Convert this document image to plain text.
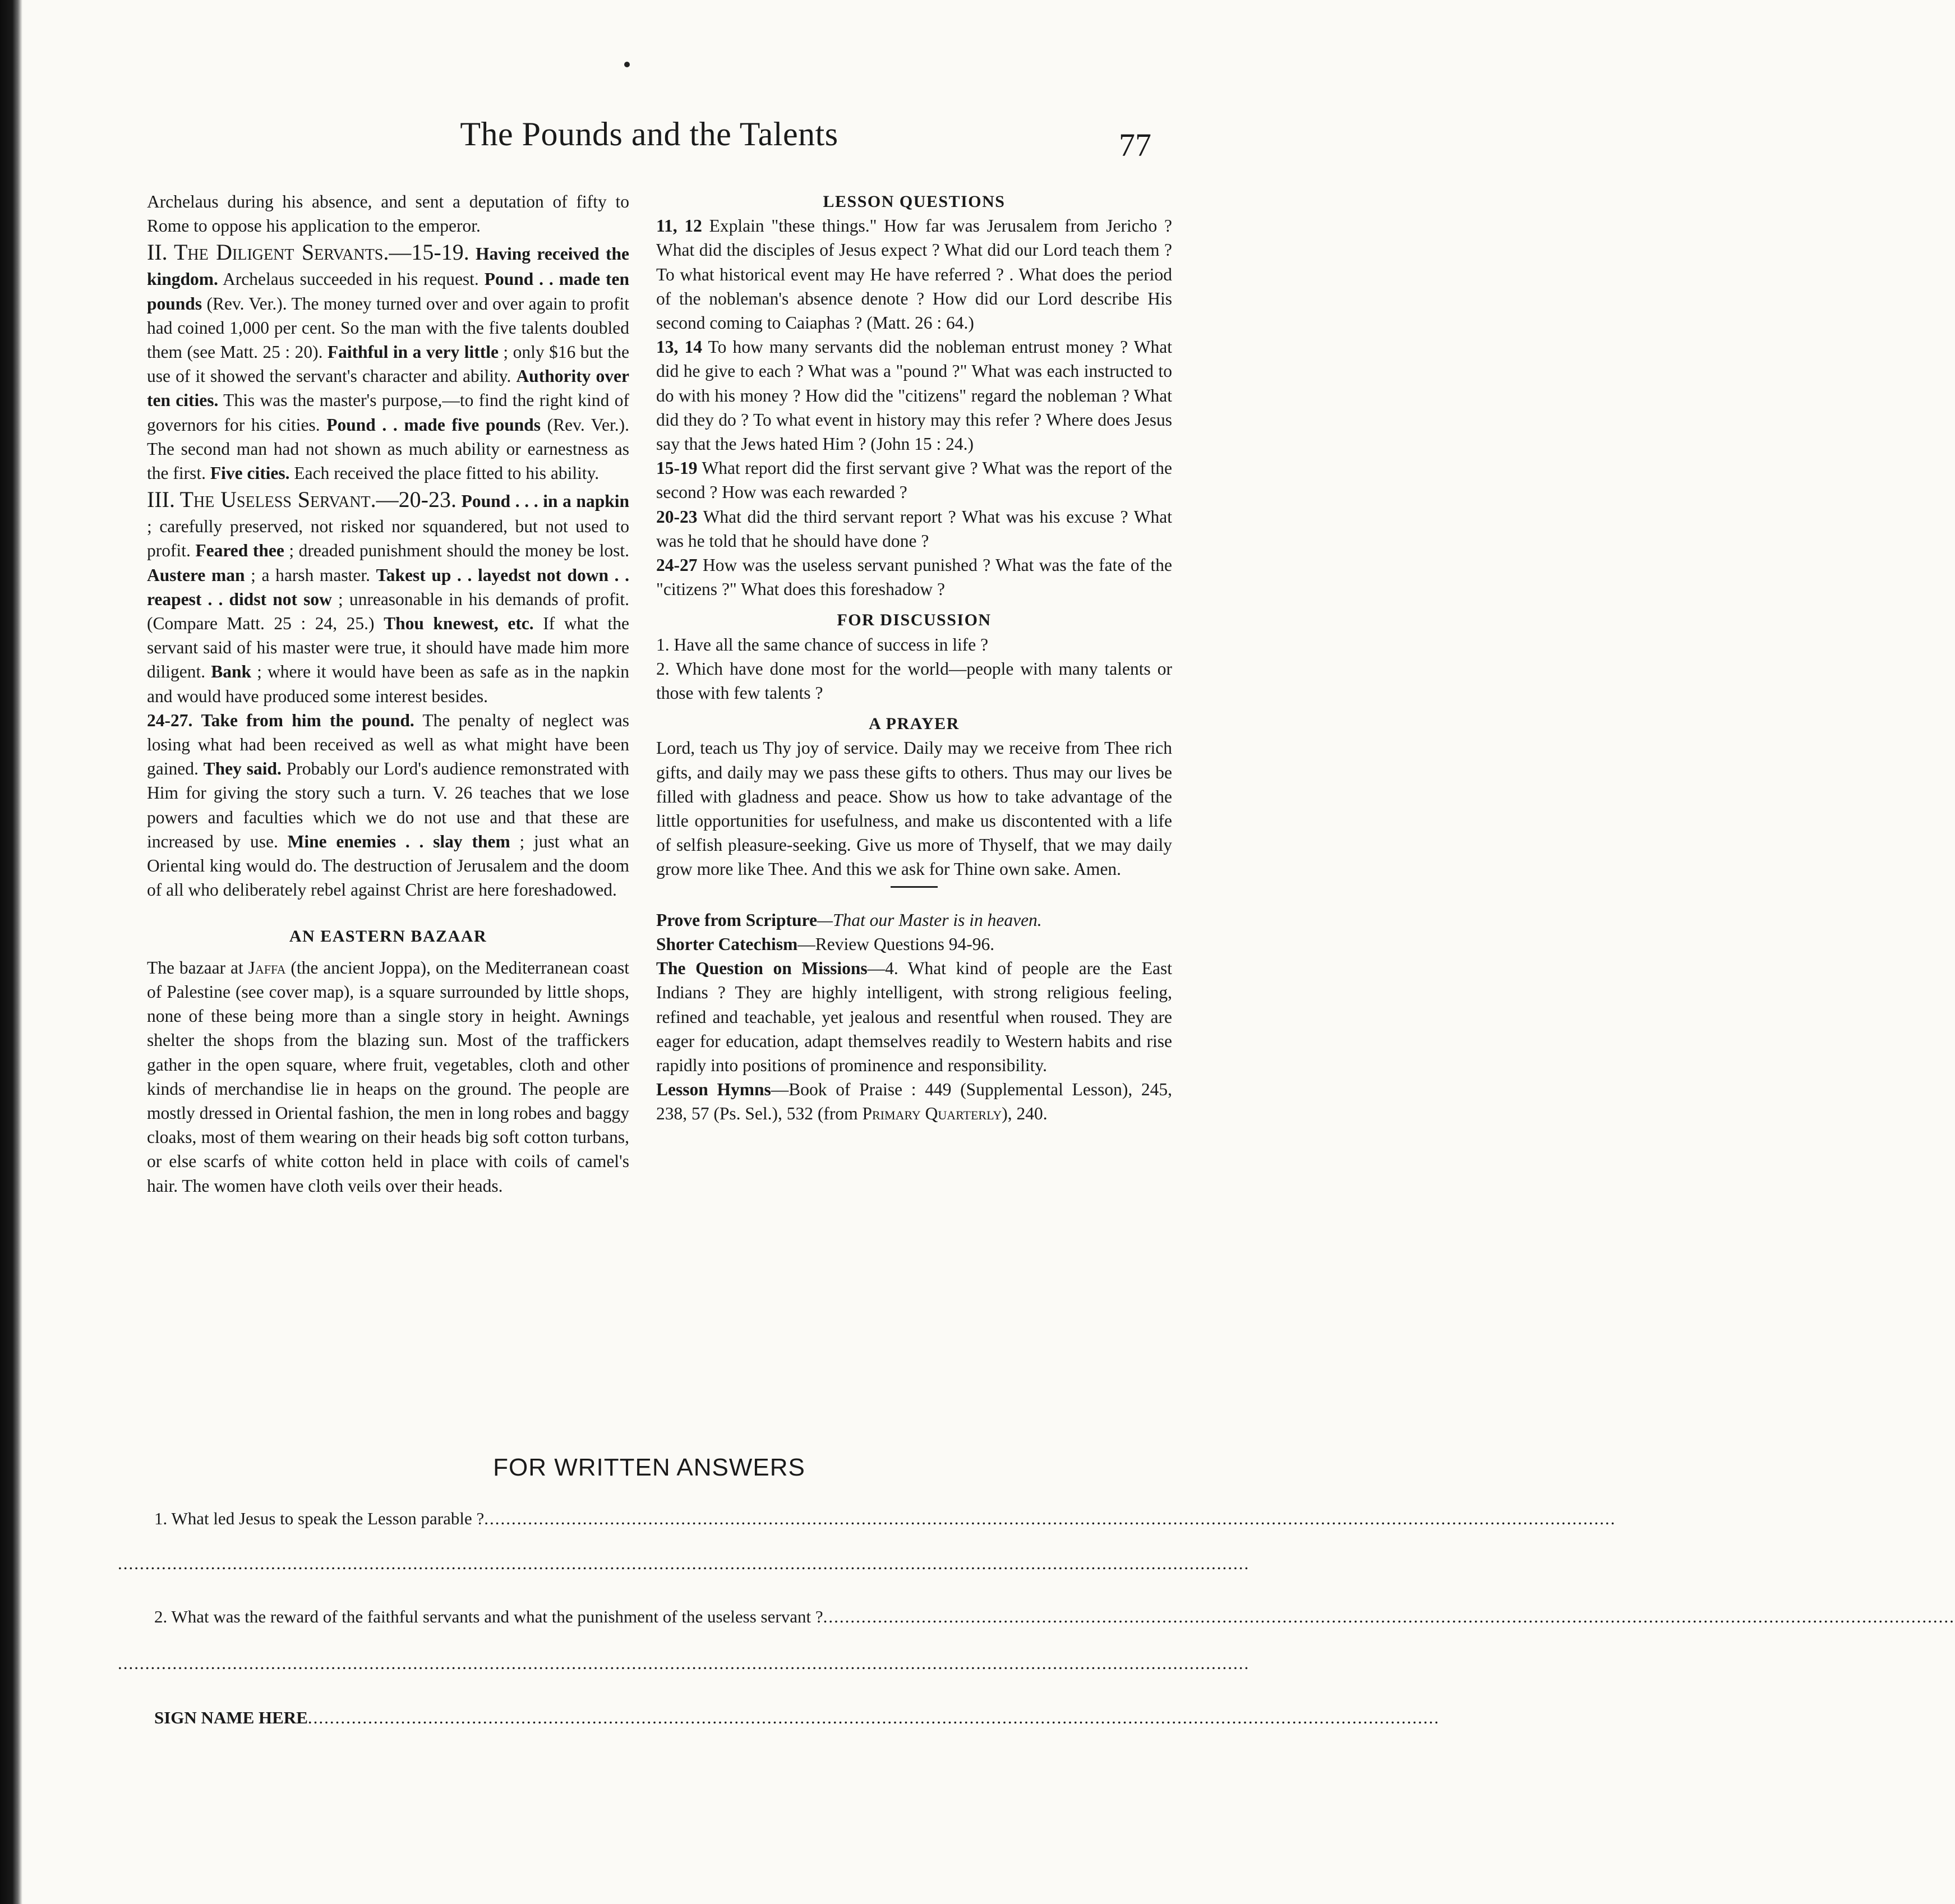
The Pounds and the Talents	77

Archelaus during his absence, and sent a deputation of fifty to Rome to oppose his application to the emperor.

II. The Diligent Servants.—15-19. Having received the kingdom. Archelaus succeeded in his request. Pound . . made ten pounds (Rev. Ver.). The money turned over and over again to profit had coined 1,000 per cent. So the man with the five talents doubled them (see Matt. 25 : 20). Faithful in a very little ; only $16 but the use of it showed the servant's character and ability. Authority over ten cities. This was the master's purpose,—to find the right kind of governors for his cities. Pound . . made five pounds (Rev. Ver.). The second man had not shown as much ability or earnestness as the first. Five cities. Each received the place fitted to his ability.

III. The Useless Servant.—20-23. Pound . . . in a napkin ; carefully preserved, not risked nor squandered, but not used to profit. Feared thee ; dreaded punishment should the money be lost. Austere man ; a harsh master. Takest up . . layedst not down . . reapest . . didst not sow ; unreasonable in his demands of profit. (Compare Matt. 25 : 24, 25.) Thou knewest, etc. If what the servant said of his master were true, it should have made him more diligent. Bank ; where it would have been as safe as in the napkin and would have produced some interest besides.

24-27. Take from him the pound. The penalty of neglect was losing what had been received as well as what might have been gained. They said. Probably our Lord's audience remonstrated with Him for giving the story such a turn. V. 26 teaches that we lose powers and faculties which we do not use and that these are increased by use. Mine enemies . . slay them ; just what an Oriental king would do. The destruction of Jerusalem and the doom of all who deliberately rebel against Christ are here foreshadowed.

AN EASTERN BAZAAR

The bazaar at Jaffa (the ancient Joppa), on the Mediterranean coast of Palestine (see cover map), is a square surrounded by little shops, none of these being more than a single story in height. Awnings shelter the shops from the blazing sun. Most of the traffickers gather in the open square, where fruit, vegetables, cloth and other kinds of merchandise lie in heaps on the ground. The people are mostly dressed in Oriental fashion, the men in long robes and baggy cloaks, most of them wearing on their heads big soft cotton turbans, or else scarfs of white cotton held in place with coils of camel's hair. The women have cloth veils over their heads.

LESSON QUESTIONS

11, 12 Explain "these things." How far was Jerusalem from Jericho ? What did the disciples of Jesus expect ? What did our Lord teach them ? To what historical event may He have referred ? . What does the period of the nobleman's absence denote ? How did our Lord describe His second coming to Caiaphas ? (Matt. 26 : 64.)

13, 14 To how many servants did the nobleman entrust money ? What did he give to each ? What was a "pound ?" What was each instructed to do with his money ? How did the "citizens" regard the nobleman ? What did they do ? To what event in history may this refer ? Where does Jesus say that the Jews hated Him ? (John 15 : 24.)

15-19 What report did the first servant give ? What was the report of the second ? How was each rewarded ?

20-23 What did the third servant report ? What was his excuse ? What was he told that he should have done ?

24-27 How was the useless servant punished ? What was the fate of the "citizens ?" What does this foreshadow ?

FOR DISCUSSION

1. Have all the same chance of success in life ?

2. Which have done most for the world—people with many talents or those with few talents ?

A PRAYER

Lord, teach us Thy joy of service. Daily may we receive from Thee rich gifts, and daily may we pass these gifts to others. Thus may our lives be filled with gladness and peace. Show us how to take advantage of the little opportunities for usefulness, and make us discontented with a life of selfish pleasure-seeking. Give us more of Thyself, that we may daily grow more like Thee. And this we ask for Thine own sake. Amen.

Prove from Scripture—That our Master is in heaven.

Shorter Catechism—Review Questions 94-96.

The Question on Missions—4. What kind of people are the East Indians ? They are highly intelligent, with strong religious feeling, refined and teachable, yet jealous and resentful when roused. They are eager for education, adapt themselves readily to Western habits and rise rapidly into positions of prominence and responsibility.

Lesson Hymns—Book of Praise : 449 (Supplemental Lesson), 245, 238, 57 (Ps. Sel.), 532 (from Primary Quarterly), 240.

FOR WRITTEN ANSWERS
1. What led Jesus to speak the Lesson parable ?...............................................................................................................................................................................................................
...............................................................................................................................................................................................................
2. What was the reward of the faithful servants and what the punishment of the useless servant ?...............................................................................................................................................................................................................
...............................................................................................................................................................................................................
SIGN NAME HERE...............................................................................................................................................................................................................
